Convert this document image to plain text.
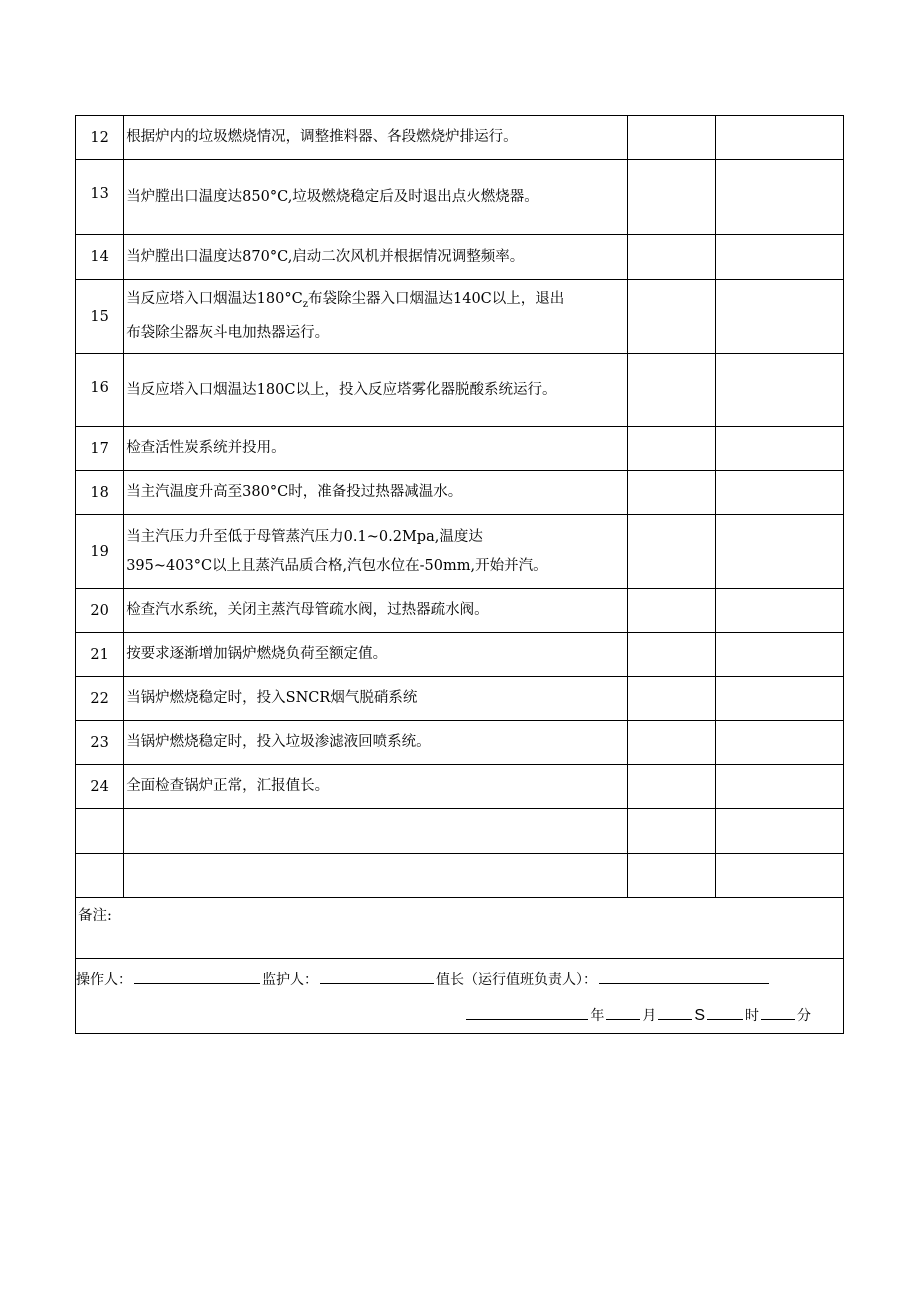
12	根据炉内的垃圾燃烧情况，调整推料器、各段燃烧炉排运行。		
13	当炉膛出口温度达850°C,垃圾燃烧稳定后及时退出点火燃烧器。		
14	当炉膛出口温度达870°C,启动二次风机并根据情况调整频率。		
15	当反应塔入口烟温达$180^\circ C_z$布袋除尘器入口烟温达140C以上，退出
布袋除尘器灰斗电加热器运行。		

16	当反应塔入口烟温达180C以上，投入反应塔雾化器脱酸系统运行。		
17	检查活性炭系统并投用。		
18	当主汽温度升高至380°C时，准备投过热器减温水。		
19	当主汽压力升至低于母管蒸汽压力0.1~0.2Mpa,温度达
395~403°C以上且蒸汽品质合格,汽包水位在-50mm,开始并汽。		

20	检查汽水系统，关闭主蒸汽母管疏水阀，过热器疏水阀。		
21	按要求逐渐增加锅炉燃烧负荷至额定值。		
22	当锅炉燃烧稳定时，投入SNCR烟气脱硝系统		
23	当锅炉燃烧稳定时，投入垃圾渗滤液回喷系统。		
24	全面检查锅炉正常，汇报值长。		

备注:			

操作人： 监护人： 值长（运行值班负责人）：
年 月 S 时 分			
